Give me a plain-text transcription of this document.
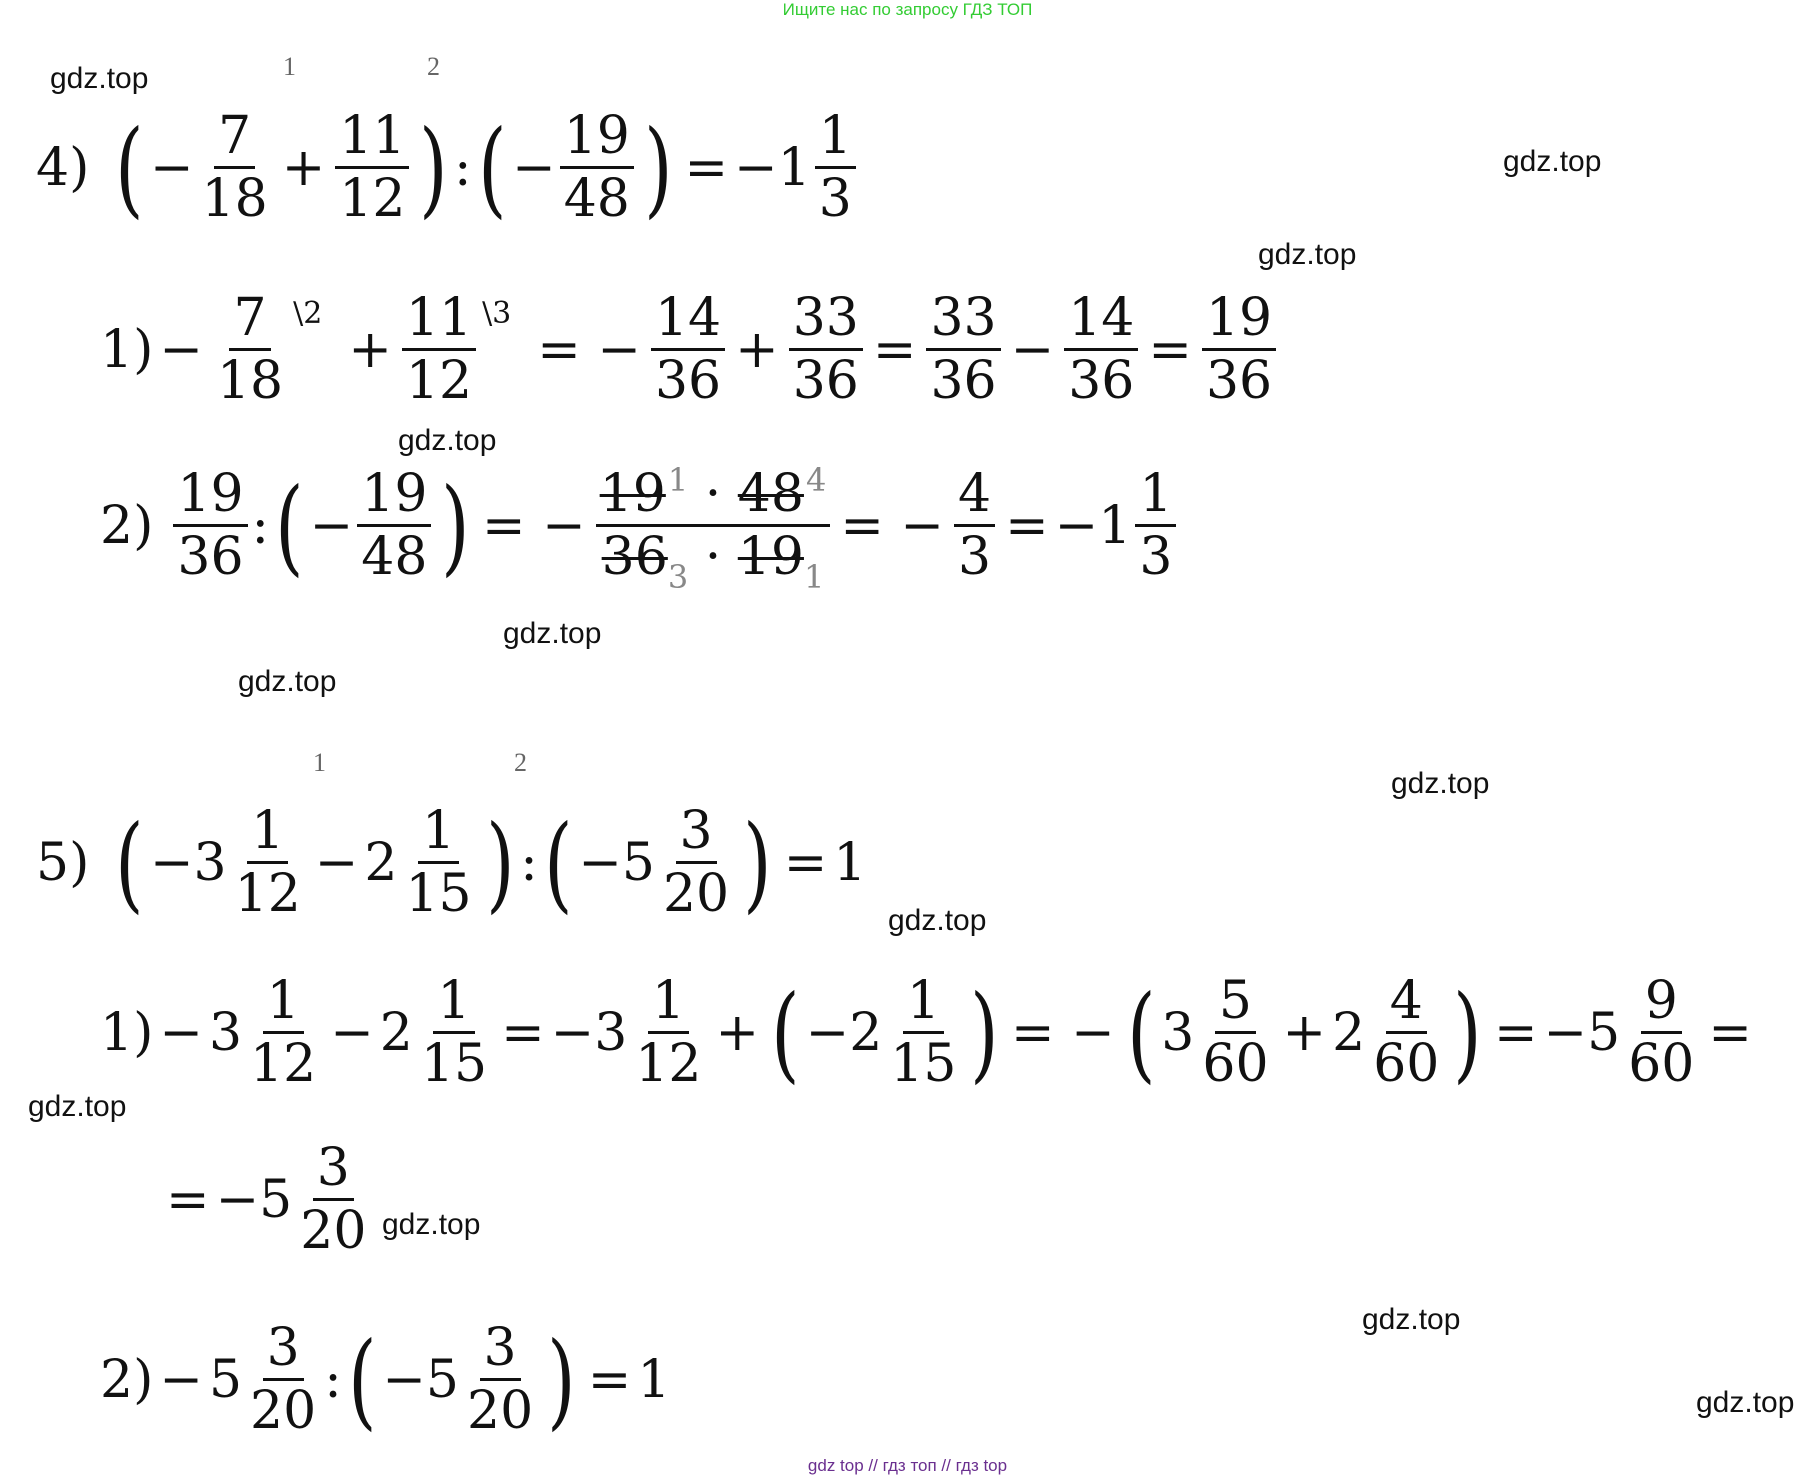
Ищите нас по запросу ГДЗ ТОП
gdz.top
gdz.top
gdz.top
gdz.top
gdz.top
gdz.top
gdz.top
gdz.top
gdz.top
gdz.top
gdz.top
gdz.top
1	2
1	2
4) ( − $\frac{7}{18} + \frac{11}{12}$ ) : ( − $\frac{19}{48}$ ) = $-1 \frac{1}{3}$
$1) - \frac{7}{18}$ \2
+ $\frac{11}{12}$ \3
= − $\frac{14}{36} + \frac{33}{36} = \frac{33}{36} - \frac{14}{36} = \frac{19}{36}$
$2) \frac{19}{36}$ : ( − $\frac{19}{48}$ ) = − $\frac{19^1 \cdot 48^4}{36_3 \cdot 19_1}$ = − $\frac{4}{3} = -1 \frac{1}{3}$
5) ( $-3 \frac{1}{12} - 2 \frac{1}{15}$ ) : ( $-5 \frac{3}{20}$ ) = 1
$1) - 3 \frac{1}{12} - 2 \frac{1}{15} = -3 \frac{1}{12}$ + ( $-2 \frac{1}{15}$ ) = − ( $3 \frac{5}{60} + 2 \frac{4}{60}$ ) = $-5 \frac{9}{60}$ =
= $-5 \frac{3}{20}$
$2) - 5 \frac{3}{20}$ : ( $-5 \frac{3}{20}$ ) = 1
gdz top // гдз топ // гдз top
